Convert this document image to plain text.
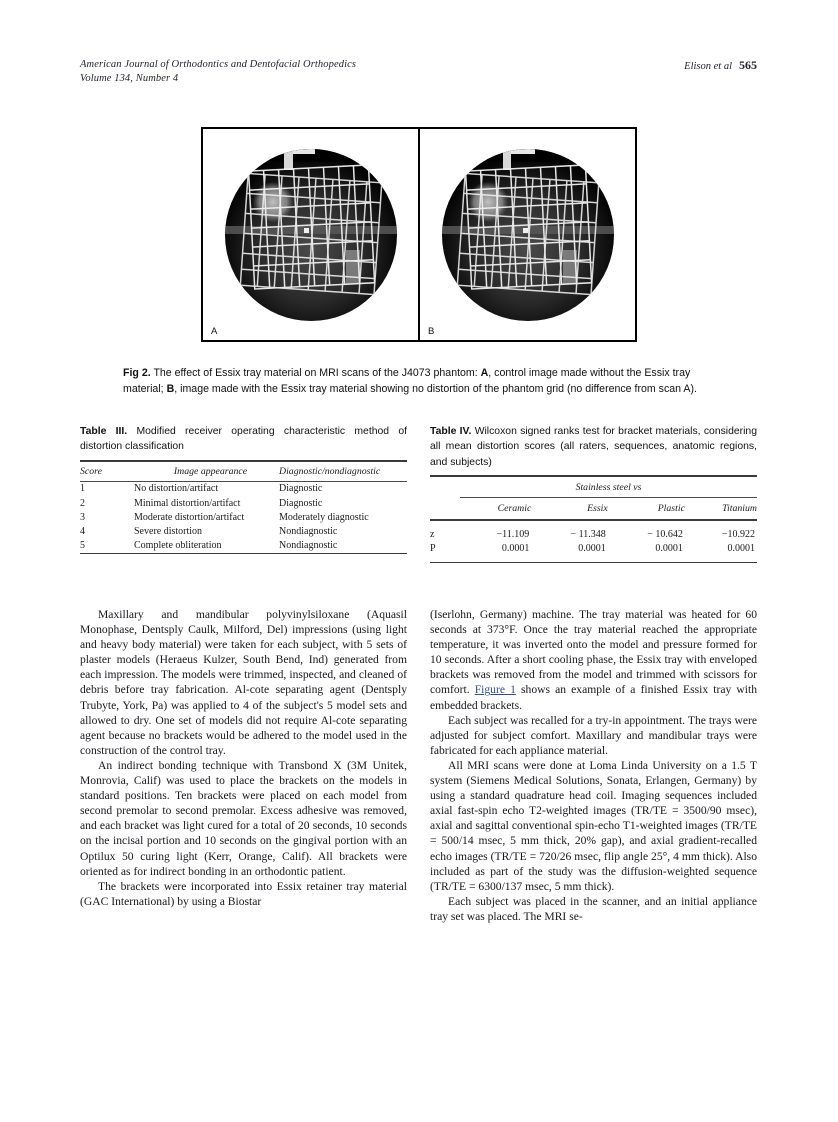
American Journal of Orthodontics and Dentofacial Orthopedics
Volume 134, Number 4
Elison et al 565
A	B
Fig 2. The effect of Essix tray material on MRI scans of the J4073 phantom: A, control image made without the Essix tray material; B, image made with the Essix tray material showing no distortion of the phantom grid (no difference from scan A).
Table III. Modified receiver operating characteristic method of distortion classification
Score	Image appearance	Diagnostic/nondiagnostic
1	No distortion/artifact	Diagnostic
2	Minimal distortion/artifact	Diagnostic
3	Moderate distortion/artifact	Moderately diagnostic
4	Severe distortion	Nondiagnostic
5	Complete obliteration	Nondiagnostic
Table IV. Wilcoxon signed ranks test for bracket materials, considering all mean distortion scores (all raters, sequences, anatomic regions, and subjects)
	Stainless steel vs			
	Ceramic	Essix	Plastic	Titanium
z	−11.109	− 11.348	− 10.642	−10.922
P	0.0001	0.0001	0.0001	0.0001

Maxillary and mandibular polyvinylsiloxane (Aquasil Monophase, Dentsply Caulk, Milford, Del) impressions (using light and heavy body material) were taken for each subject, with 5 sets of plaster models (Heraeus Kulzer, South Bend, Ind) generated from each impression. The models were trimmed, inspected, and cleaned of debris before tray fabrication. Al-cote separating agent (Dentsply Trubyte, York, Pa) was applied to 4 of the subject's 5 model sets and allowed to dry. One set of models did not require Al-cote separating agent because no brackets would be adhered to the model used in the construction of the control tray.

An indirect bonding technique with Transbond X (3M Unitek, Monrovia, Calif) was used to place the brackets on the models in standard positions. Ten brackets were placed on each model from second premolar to second premolar. Excess adhesive was removed, and each bracket was light cured for a total of 20 seconds, 10 seconds on the incisal portion and 10 seconds on the gingival portion with an Optilux 50 curing light (Kerr, Orange, Calif). All brackets were oriented as for indirect bonding in an orthodontic patient.

The brackets were incorporated into Essix retainer tray material (GAC International) by using a Biostar

(Iserlohn, Germany) machine. The tray material was heated for 60 seconds at 373°F. Once the tray material reached the appropriate temperature, it was inverted onto the model and pressure formed for 10 seconds. After a short cooling phase, the Essix tray with enveloped brackets was removed from the model and trimmed with scissors for comfort. Figure 1 shows an example of a finished Essix tray with embedded brackets.

Each subject was recalled for a try-in appointment. The trays were adjusted for subject comfort. Maxillary and mandibular trays were fabricated for each appliance material.

All MRI scans were done at Loma Linda University on a 1.5 T system (Siemens Medical Solutions, Sonata, Erlangen, Germany) by using a standard quadrature head coil. Imaging sequences included axial fast-spin echo T2-weighted images (TR/TE = 3500/90 msec), axial and sagittal conventional spin-echo T1-weighted images (TR/TE = 500/14 msec, 5 mm thick, 20% gap), and axial gradient-recalled echo images (TR/TE = 720/26 msec, flip angle 25°, 4 mm thick). Also included as part of the study was the diffusion-weighted sequence (TR/TE = 6300/137 msec, 5 mm thick).

Each subject was placed in the scanner, and an initial appliance tray set was placed. The MRI se-
